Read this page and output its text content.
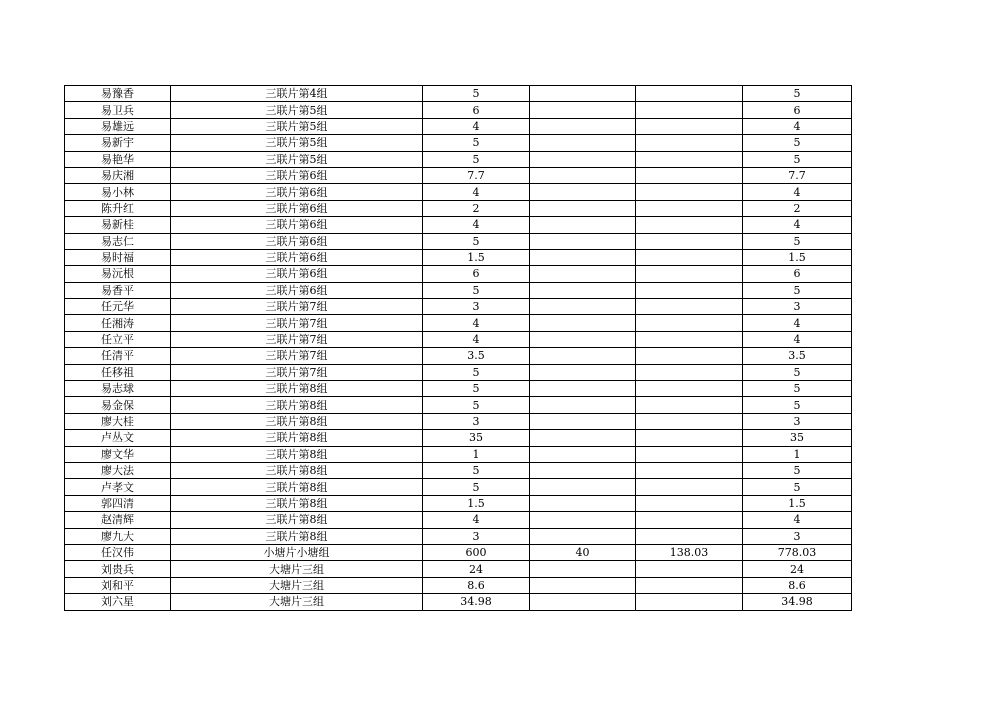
易豫香	三联片第4组	5			5
易卫兵	三联片第5组	6			6
易雄远	三联片第5组	4			4
易新宇	三联片第5组	5			5
易艳华	三联片第5组	5			5
易庆湘	三联片第6组	7.7			7.7
易小林	三联片第6组	4			4
陈升红	三联片第6组	2			2
易新桂	三联片第6组	4			4
易志仁	三联片第6组	5			5
易时福	三联片第6组	1.5			1.5
易沅根	三联片第6组	6			6
易香平	三联片第6组	5			5
任元华	三联片第7组	3			3
任湘涛	三联片第7组	4			4
任立平	三联片第7组	4			4
任清平	三联片第7组	3.5			3.5
任移祖	三联片第7组	5			5
易志球	三联片第8组	5			5
易金保	三联片第8组	5			5
廖大桂	三联片第8组	3			3
卢丛文	三联片第8组	35			35
廖文华	三联片第8组	1			1
廖大法	三联片第8组	5			5
卢孝文	三联片第8组	5			5
郭四清	三联片第8组	1.5			1.5
赵清辉	三联片第8组	4			4
廖九大	三联片第8组	3			3
任汉伟	小塘片小塘组	600	40	138.03	778.03
刘贵兵	大塘片三组	24			24
刘和平	大塘片三组	8.6			8.6
刘六星	大塘片三组	34.98			34.98
